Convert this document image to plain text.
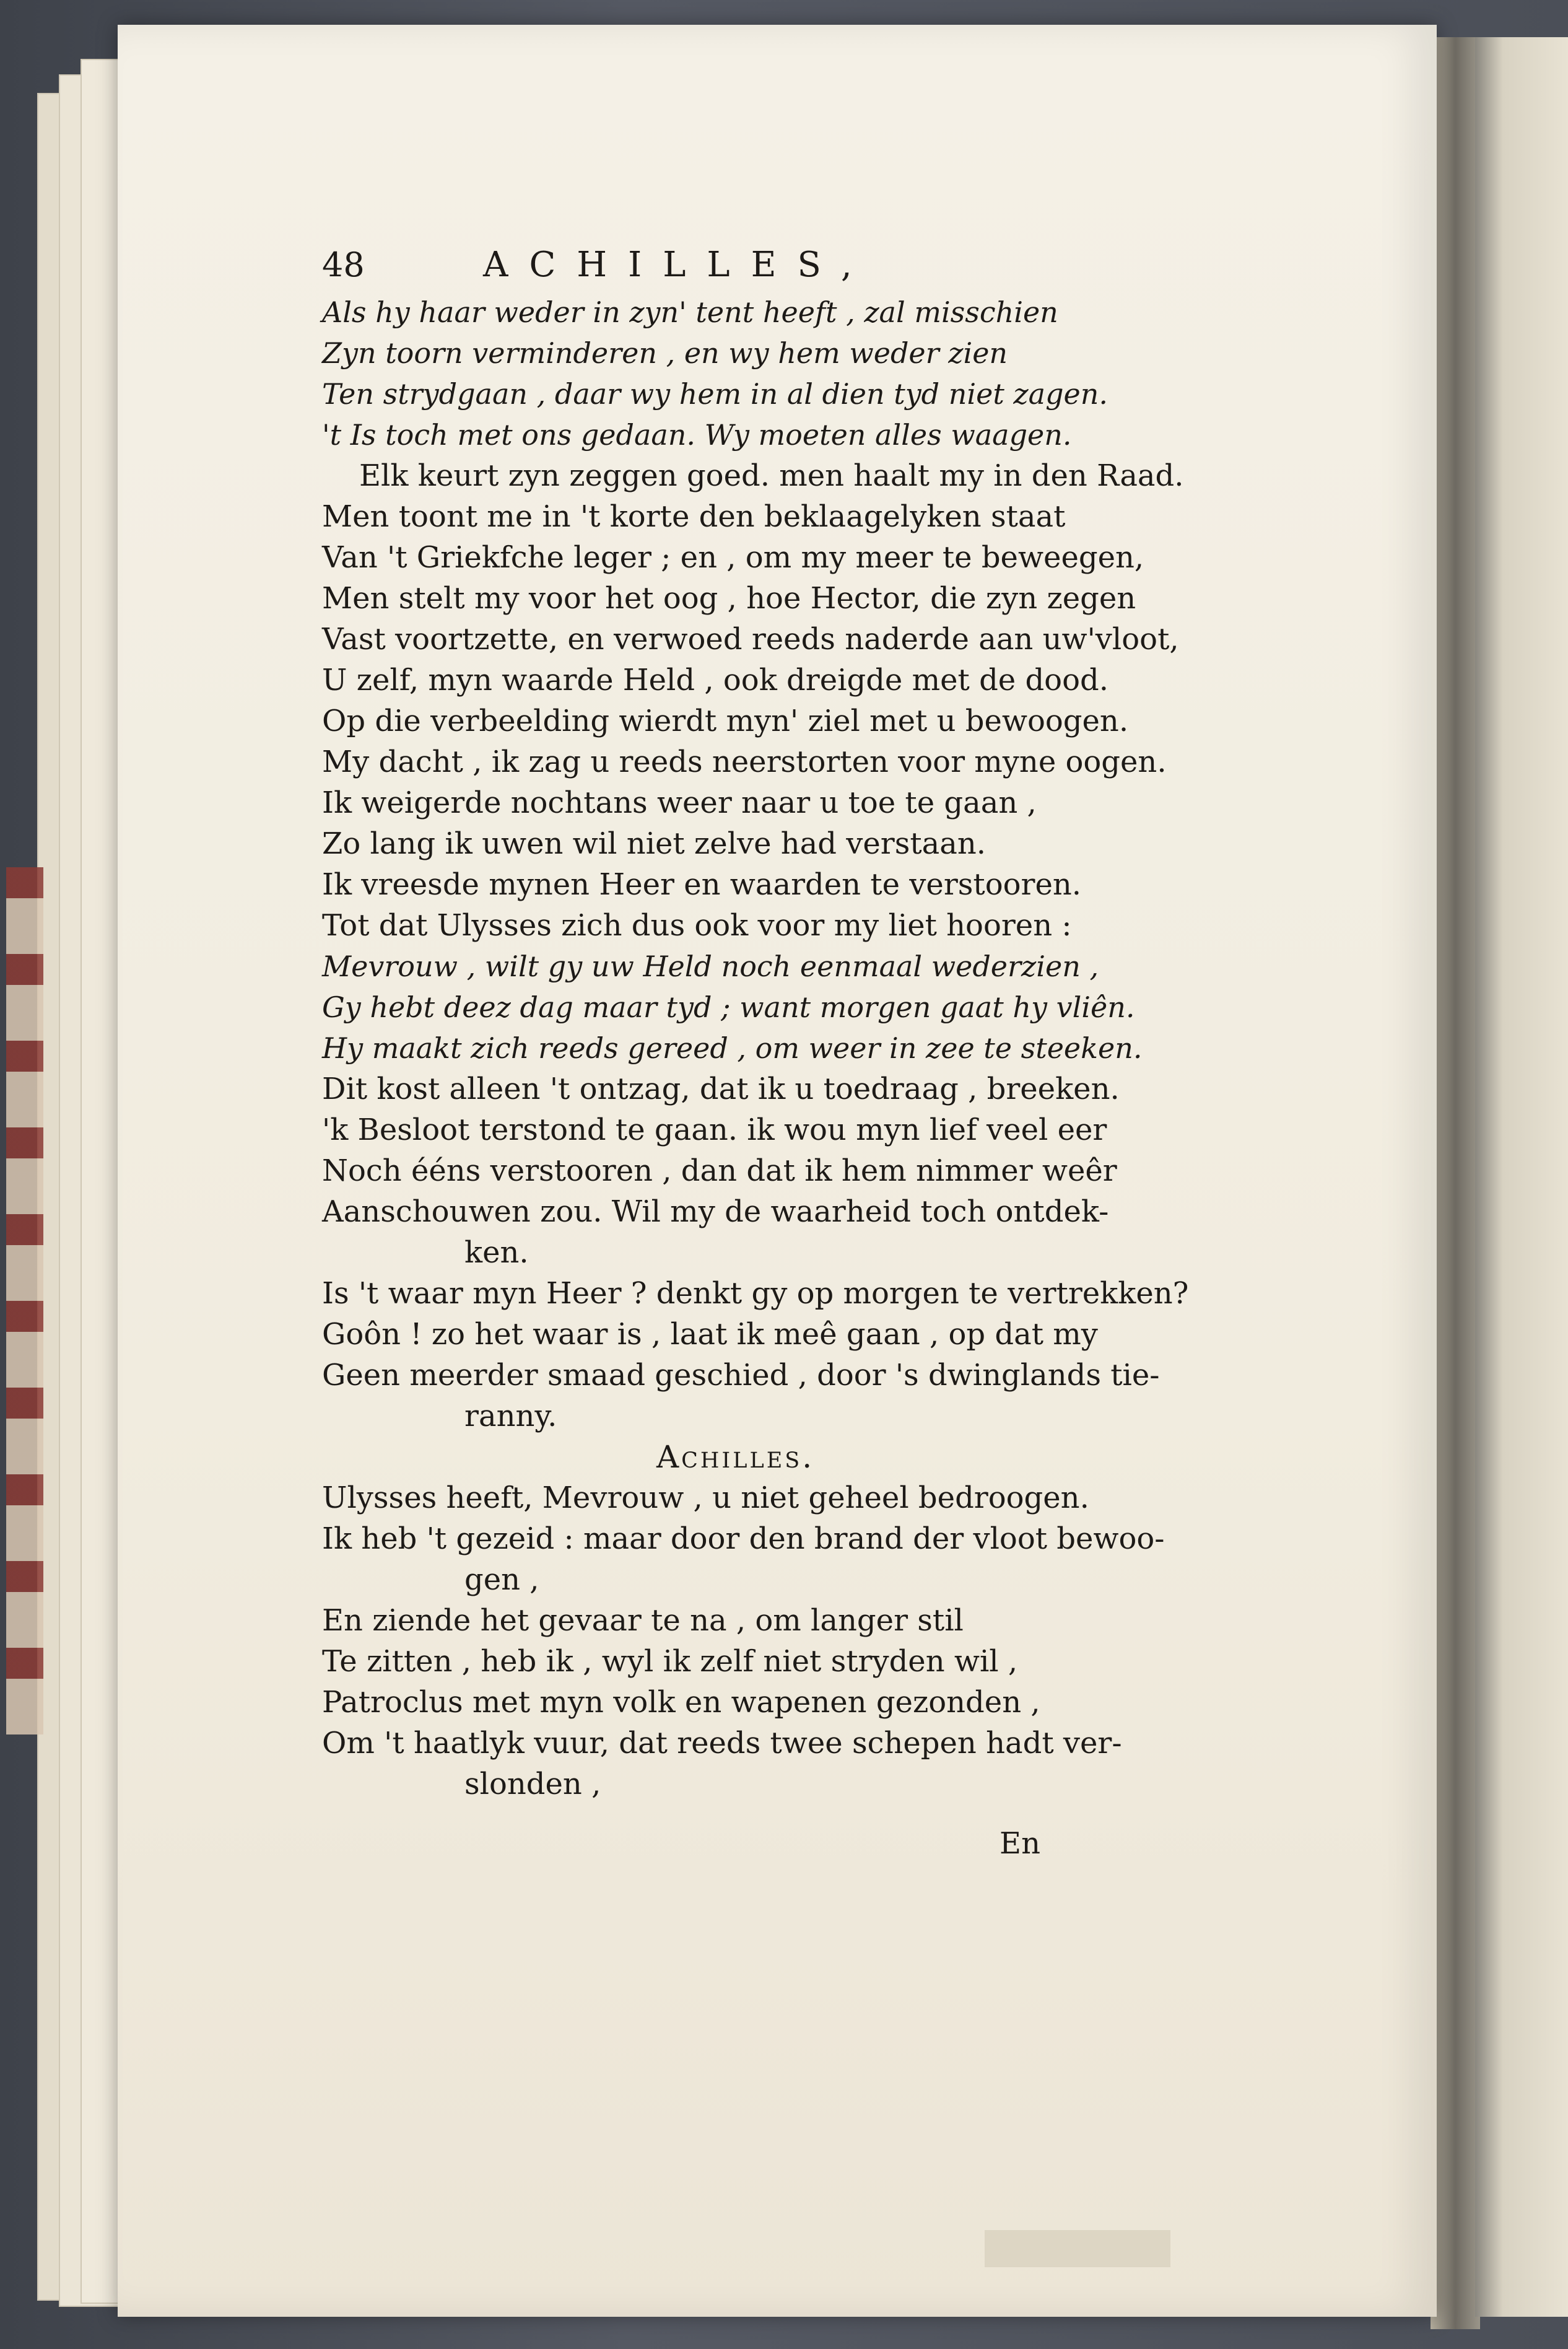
48	ACHILLES,
Als hy haar weder in zyn' tent heeft , zal misschien
Zyn toorn verminderen , en wy hem weder zien
Ten strydgaan , daar wy hem in al dien tyd niet zagen.
't Is toch met ons gedaan. Wy moeten alles waagen.
Elk keurt zyn zeggen goed. men haalt my in den Raad.
Men toont me in 't korte den beklaagelyken staat
Van 't Griekfche leger ; en , om my meer te beweegen,
Men stelt my voor het oog , hoe Hector, die zyn zegen
Vast voortzette, en verwoed reeds naderde aan uw'vloot,
U zelf, myn waarde Held , ook dreigde met de dood.
Op die verbeelding wierdt myn' ziel met u bewoogen.
My dacht , ik zag u reeds neerstorten voor myne oogen.
Ik weigerde nochtans weer naar u toe te gaan ,
Zo lang ik uwen wil niet zelve had verstaan.
Ik vreesde mynen Heer en waarden te verstooren.
Tot dat Ulysses zich dus ook voor my liet hooren :
Mevrouw , wilt gy uw Held noch eenmaal wederzien ,
Gy hebt deez dag maar tyd ; want morgen gaat hy vliên.
Hy maakt zich reeds gereed , om weer in zee te steeken.
Dit kost alleen 't ontzag, dat ik u toedraag , breeken.
'k Besloot terstond te gaan. ik wou myn lief veel eer
Noch ééns verstooren , dan dat ik hem nimmer weêr
Aanschouwen zou. Wil my de waarheid toch ontdek-
ken.
Is 't waar myn Heer ? denkt gy op morgen te vertrekken?
Goôn ! zo het waar is , laat ik meê gaan , op dat my
Geen meerder smaad geschied , door 's dwinglands tie-
ranny.
Achilles.
Ulysses heeft, Mevrouw , u niet geheel bedroogen.
Ik heb 't gezeid : maar door den brand der vloot bewoo-
gen ,
En ziende het gevaar te na , om langer stil
Te zitten , heb ik , wyl ik zelf niet stryden wil ,
Patroclus met myn volk en wapenen gezonden ,
Om 't haatlyk vuur, dat reeds twee schepen hadt ver-
slonden ,
En
